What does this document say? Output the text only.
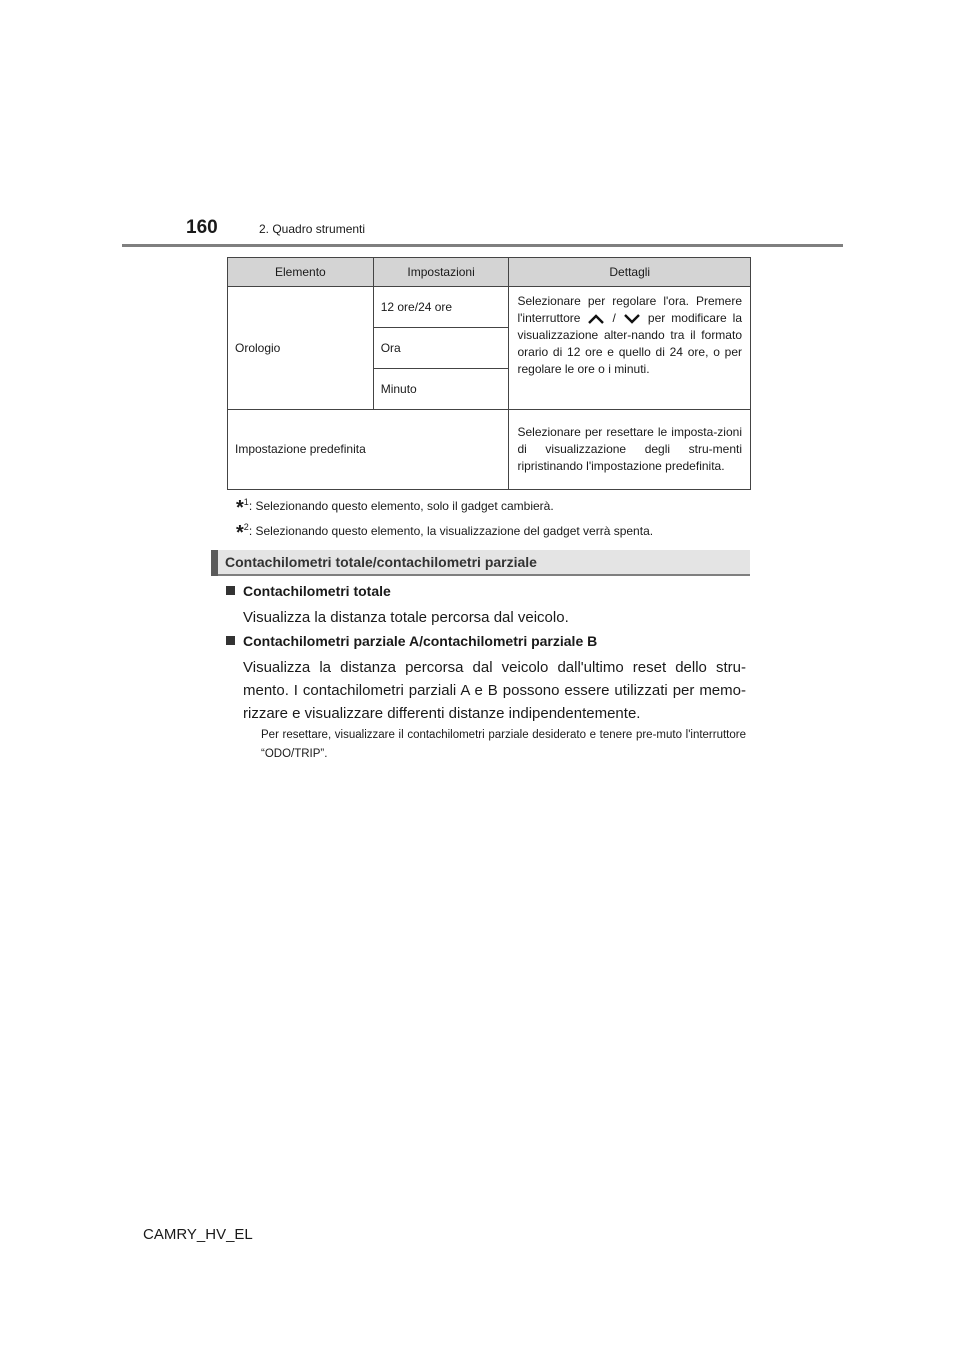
160	2. Quadro strumenti
Elemento	Impostazioni	Dettagli
Orologio	12 ore/24 ore	Selezionare per regolare l'ora. Premere l'interruttore / per modificare la visualizzazione alter-nando tra il formato orario di 12 ore e quello di 24 ore, o per regolare le ore o i minuti.
	Ora	
	Minuto	
Impostazione predefinita		Selezionare per resettare le imposta-zioni di visualizzazione degli stru-menti ripristinando l'impostazione predefinita.
*$^1$: Selezionando questo elemento, solo il gadget cambierà.
*$^2$: Selezionando questo elemento, la visualizzazione del gadget verrà spenta.
Contachilometri totale/contachilometri parziale
Contachilometri totale
Visualizza la distanza totale percorsa dal veicolo.
Contachilometri parziale A/contachilometri parziale B
Visualizza la distanza percorsa dal veicolo dall'ultimo reset dello stru-mento. I contachilometri parziali A e B possono essere utilizzati per memo-rizzare e visualizzare differenti distanze indipendentemente.
Per resettare, visualizzare il contachilometri parziale desiderato e tenere pre-muto l'interruttore “ODO/TRIP”.
CAMRY_HV_EL
